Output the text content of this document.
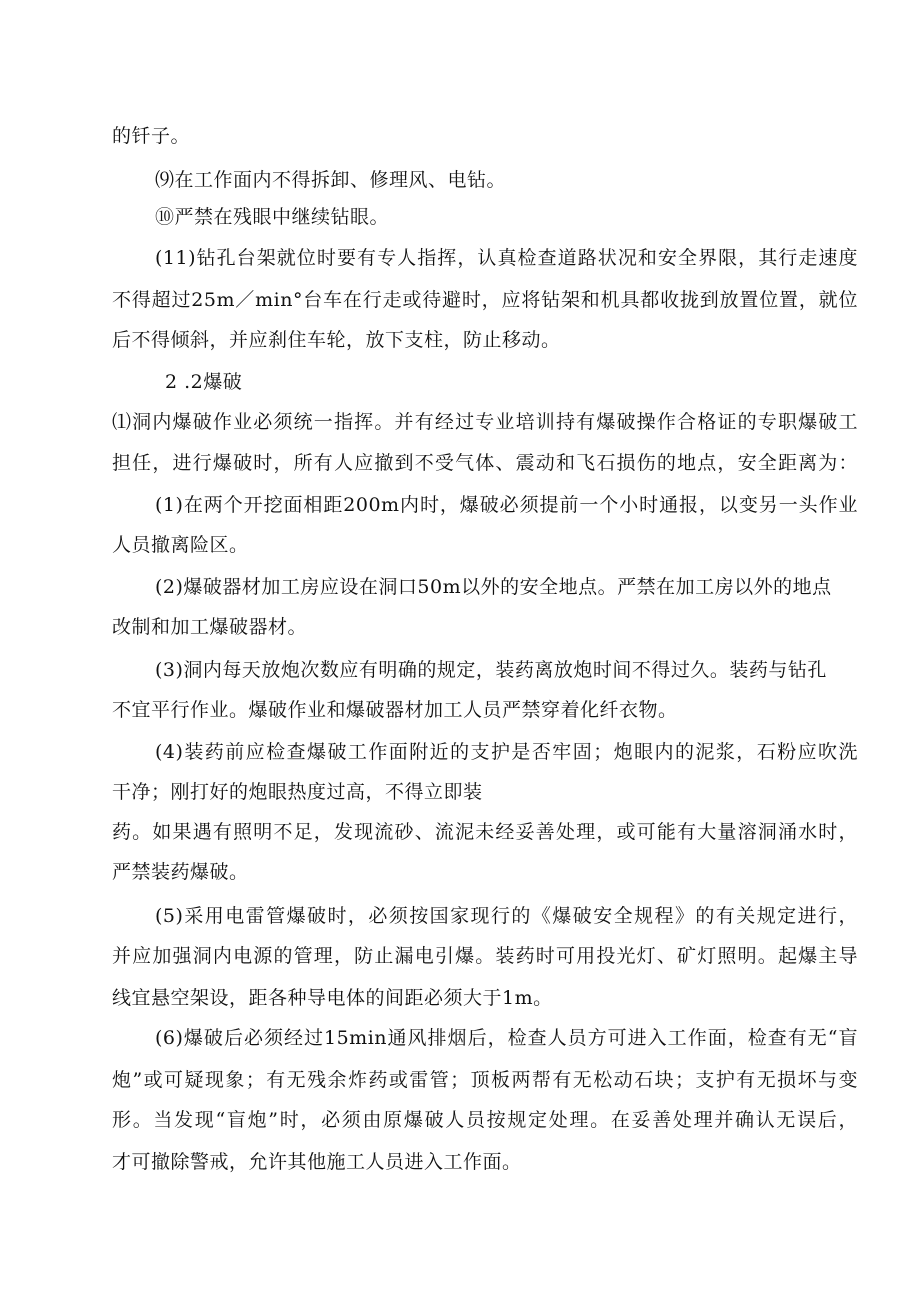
的钎子。
⑼在工作面内不得拆卸、修理风、电钻。
⑩严禁在残眼中继续钻眼。
(11)钻孔台架就位时要有专人指挥，认真检查道路状况和安全界限，其行走速度
不得超过25m／min°台车在行走或待避时，应将钻架和机具都收拢到放置位置，就位
后不得倾斜，并应刹住车轮，放下支柱，防止移动。
2 .2爆破
⑴洞内爆破作业必须统一指挥。并有经过专业培训持有爆破操作合格证的专职爆破工
担任，进行爆破时，所有人应撤到不受气体、震动和飞石损伤的地点，安全距离为：
(1)在两个开挖面相距200m内时，爆破必须提前一个小时通报，以变另一头作业
人员撤离险区。
(2)爆破器材加工房应设在洞口50m以外的安全地点。严禁在加工房以外的地点
改制和加工爆破器材。
(3)洞内每天放炮次数应有明确的规定，装药离放炮时间不得过久。装药与钻孔
不宜平行作业。爆破作业和爆破器材加工人员严禁穿着化纤衣物。
(4)装药前应检查爆破工作面附近的支护是否牢固；炮眼内的泥浆，石粉应吹洗
干净；刚打好的炮眼热度过高，不得立即装
药。如果遇有照明不足，发现流砂、流泥未经妥善处理，或可能有大量溶洞涌水时，
严禁装药爆破。
(5)采用电雷管爆破时，必须按国家现行的《爆破安全规程》的有关规定进行，
并应加强洞内电源的管理，防止漏电引爆。装药时可用投光灯、矿灯照明。起爆主导
线宜悬空架设，距各种导电体的间距必须大于1m。
(6)爆破后必须经过15min通风排烟后，检查人员方可进入工作面，检查有无“盲
炮”或可疑现象；有无残余炸药或雷管；顶板两帮有无松动石块；支护有无损坏与变
形。当发现“盲炮”时，必须由原爆破人员按规定处理。在妥善处理并确认无误后，
才可撤除警戒，允许其他施工人员进入工作面。
